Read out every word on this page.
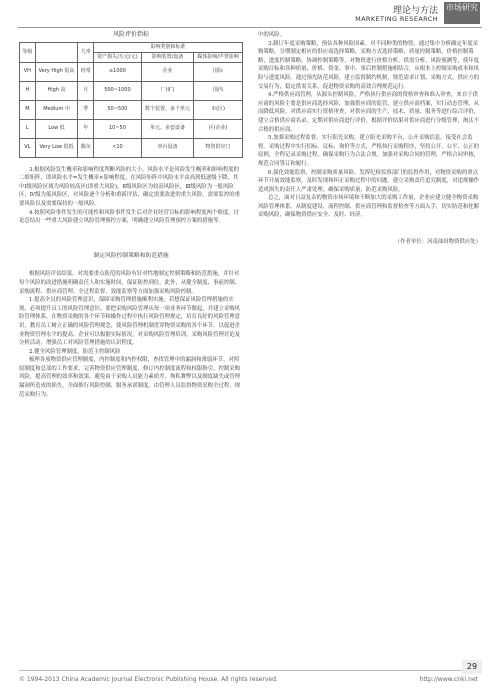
理论与方法
MARKETING RESEARCH
市场研究
风险评价指标
等级		几率	影响类别和标准		
			资产损失/万元(元)	影响装置/设备	媒体影响/声誉影响
VH	Very High 很高	经常	≥1000	企业	国际
H	High 高	月	500~1000	厂(矿)	国内
M	Medium 中	季	50~500	数个装置、多个单元	市(区)
L	Low 低	年	10~50	单元、多套设备	区(企业)
VL	Very Low 很低	偶尔	<10	单台设备	物资供应门

3.根据风险发生概率和影响程度判断风险的大小。风险水平是风险发生概率和影响程度的二维矩阵，即风险水平=发生概率×影响程度。在风险矩阵中风险水平由高到低逐级下降，其中Ⅰ级风险区域为风险较高区(即重大风险)，Ⅱ级风险区为较高风险区，Ⅲ级风险为一般风险区，Ⅳ级为低风险区，对风险逐个分析和重新评估，确定需要改进的重大风险，需要监控的重要风险以及需要保持的一般风险。

4.按照风险事件发生的可能性和风险事件发生后对企业经营目标的影响程度两个维度，讨论总结出一些重大风险建立风险管理预控方案，明确建立风险管理预控方案的措施等。

制定风险控制策略和防范措施

根据风险评估结果，对需要重点防范的风险有针对性地制定控制策略和防范措施，并针对每个风险的改进措施明确责任人和实施时间，保证防控到位。此外，从健全制度、事前控制、采购流程、供应商管理、全过程监督、效能监察等方面加强采购风险控制。

1.提高全员的风险管理意识，保障采购管理措施顺利实施。若想保证风险管理措施的实现，必须提升员工的风险管理意识。要把采购风险管理从每一项业务环节做起，并建立采购风险管理体系，在物资采购的各个环节和操作过程中执行风险管理规定，培育良好的风险管理意识，教育员工树立正确的风险管理观念，使风险管理机制贯穿物资采购的各个环节，以促进企业物资管理水平的提高。企业可以根据实际情况，对采购风险管理培训，采购风险管理讨论及分析活动，增强员工对风险管理措施的认识程度。

2.健全风险管理制度，防范主控制风险

梳理各项物资供应管理制度，内控制度和内控权限，查找管理中的漏洞和薄弱环节，对照原制度和总部的工作要求，完善物资供应管理制度，修订内控制度流程和权限指引，控制采购风险，提高管理的效率和效果，避免由于采购人员能力素质差，徇私舞弊以及制度缺失或管理漏洞所造成的损失。全面推行风险控制、服务承诺制度，由管理人员监督物资采购全过程，规范采购行为。

中的风险。

3.制订年度采购策略，预估各种风险因素。对不同种类的物资，通过集中分析确定年度采购策略。分期制定相应的供应商选择策略，采购方式选择策略，质量控制策略，价格控制策略，进度控制策略，协调控制策略等，对物资进行价格分析，供需分析，风险预测等，使年度采购目标和各种质量、价格、资金、事中、事后控制措施相结合，从根本上控制采购成本和风险与进度风险。通过预先防范风险，建立监督制约机制，规范需求计划、采购方式、供应方的交易行为，稳定供需关系，促进物资采购的高效合理规范运行。

4.严格供应商管理，从源头控制风险。严格执行供应商的资格审查和准入审查，来自于供应商的风险主要是供应商选择风险，加强供应商的监管，建立供应商档案，实行动态管理，从而降低风险。对供应商实行资格审查，对供应商的生产、技术、质量、服务等进行综合评价，建立合格供应商名录。定期对供应商进行评价，根据评价结果对供应商进行分级管理，淘汰不合格的供应商。

5.加强采购过程监督，实行阳光采购。建立阳光采购平台，公开采购信息，接受社会监督。采购过程中实行招标、议标、询价等方式，严格执行采购程序，坚持公开、公平、公正的原则，全程记录采购过程，确保采购行为合法合规。加强对采购合同的管理，严格合同审核，规范合同签订和履行。

6.强化效能监察，控制采购质量风险。发挥纪检监察部门的监督作用，对物资采购的重点环节开展效能监察，及时发现和纠正采购过程中的问题。建立采购责任追究制度，对违规操作造成损失的责任人严肃处理，确保采购质量，防范采购风险。

总之，面对日益复杂的物资市场环境和不断加大的采购工作量，企业应建立健全物资采购风险管理体系，从制度建设、流程控制、供应商管理和监督检查等方面入手，切实防范和化解采购风险，确保物资供应安全、及时、经济。

（作者单位：河南油田物资供应处）
29
© 1994-2013 China Academic Journal Electronic Publishing House. All rights reserved.	http://www.cnki.net
